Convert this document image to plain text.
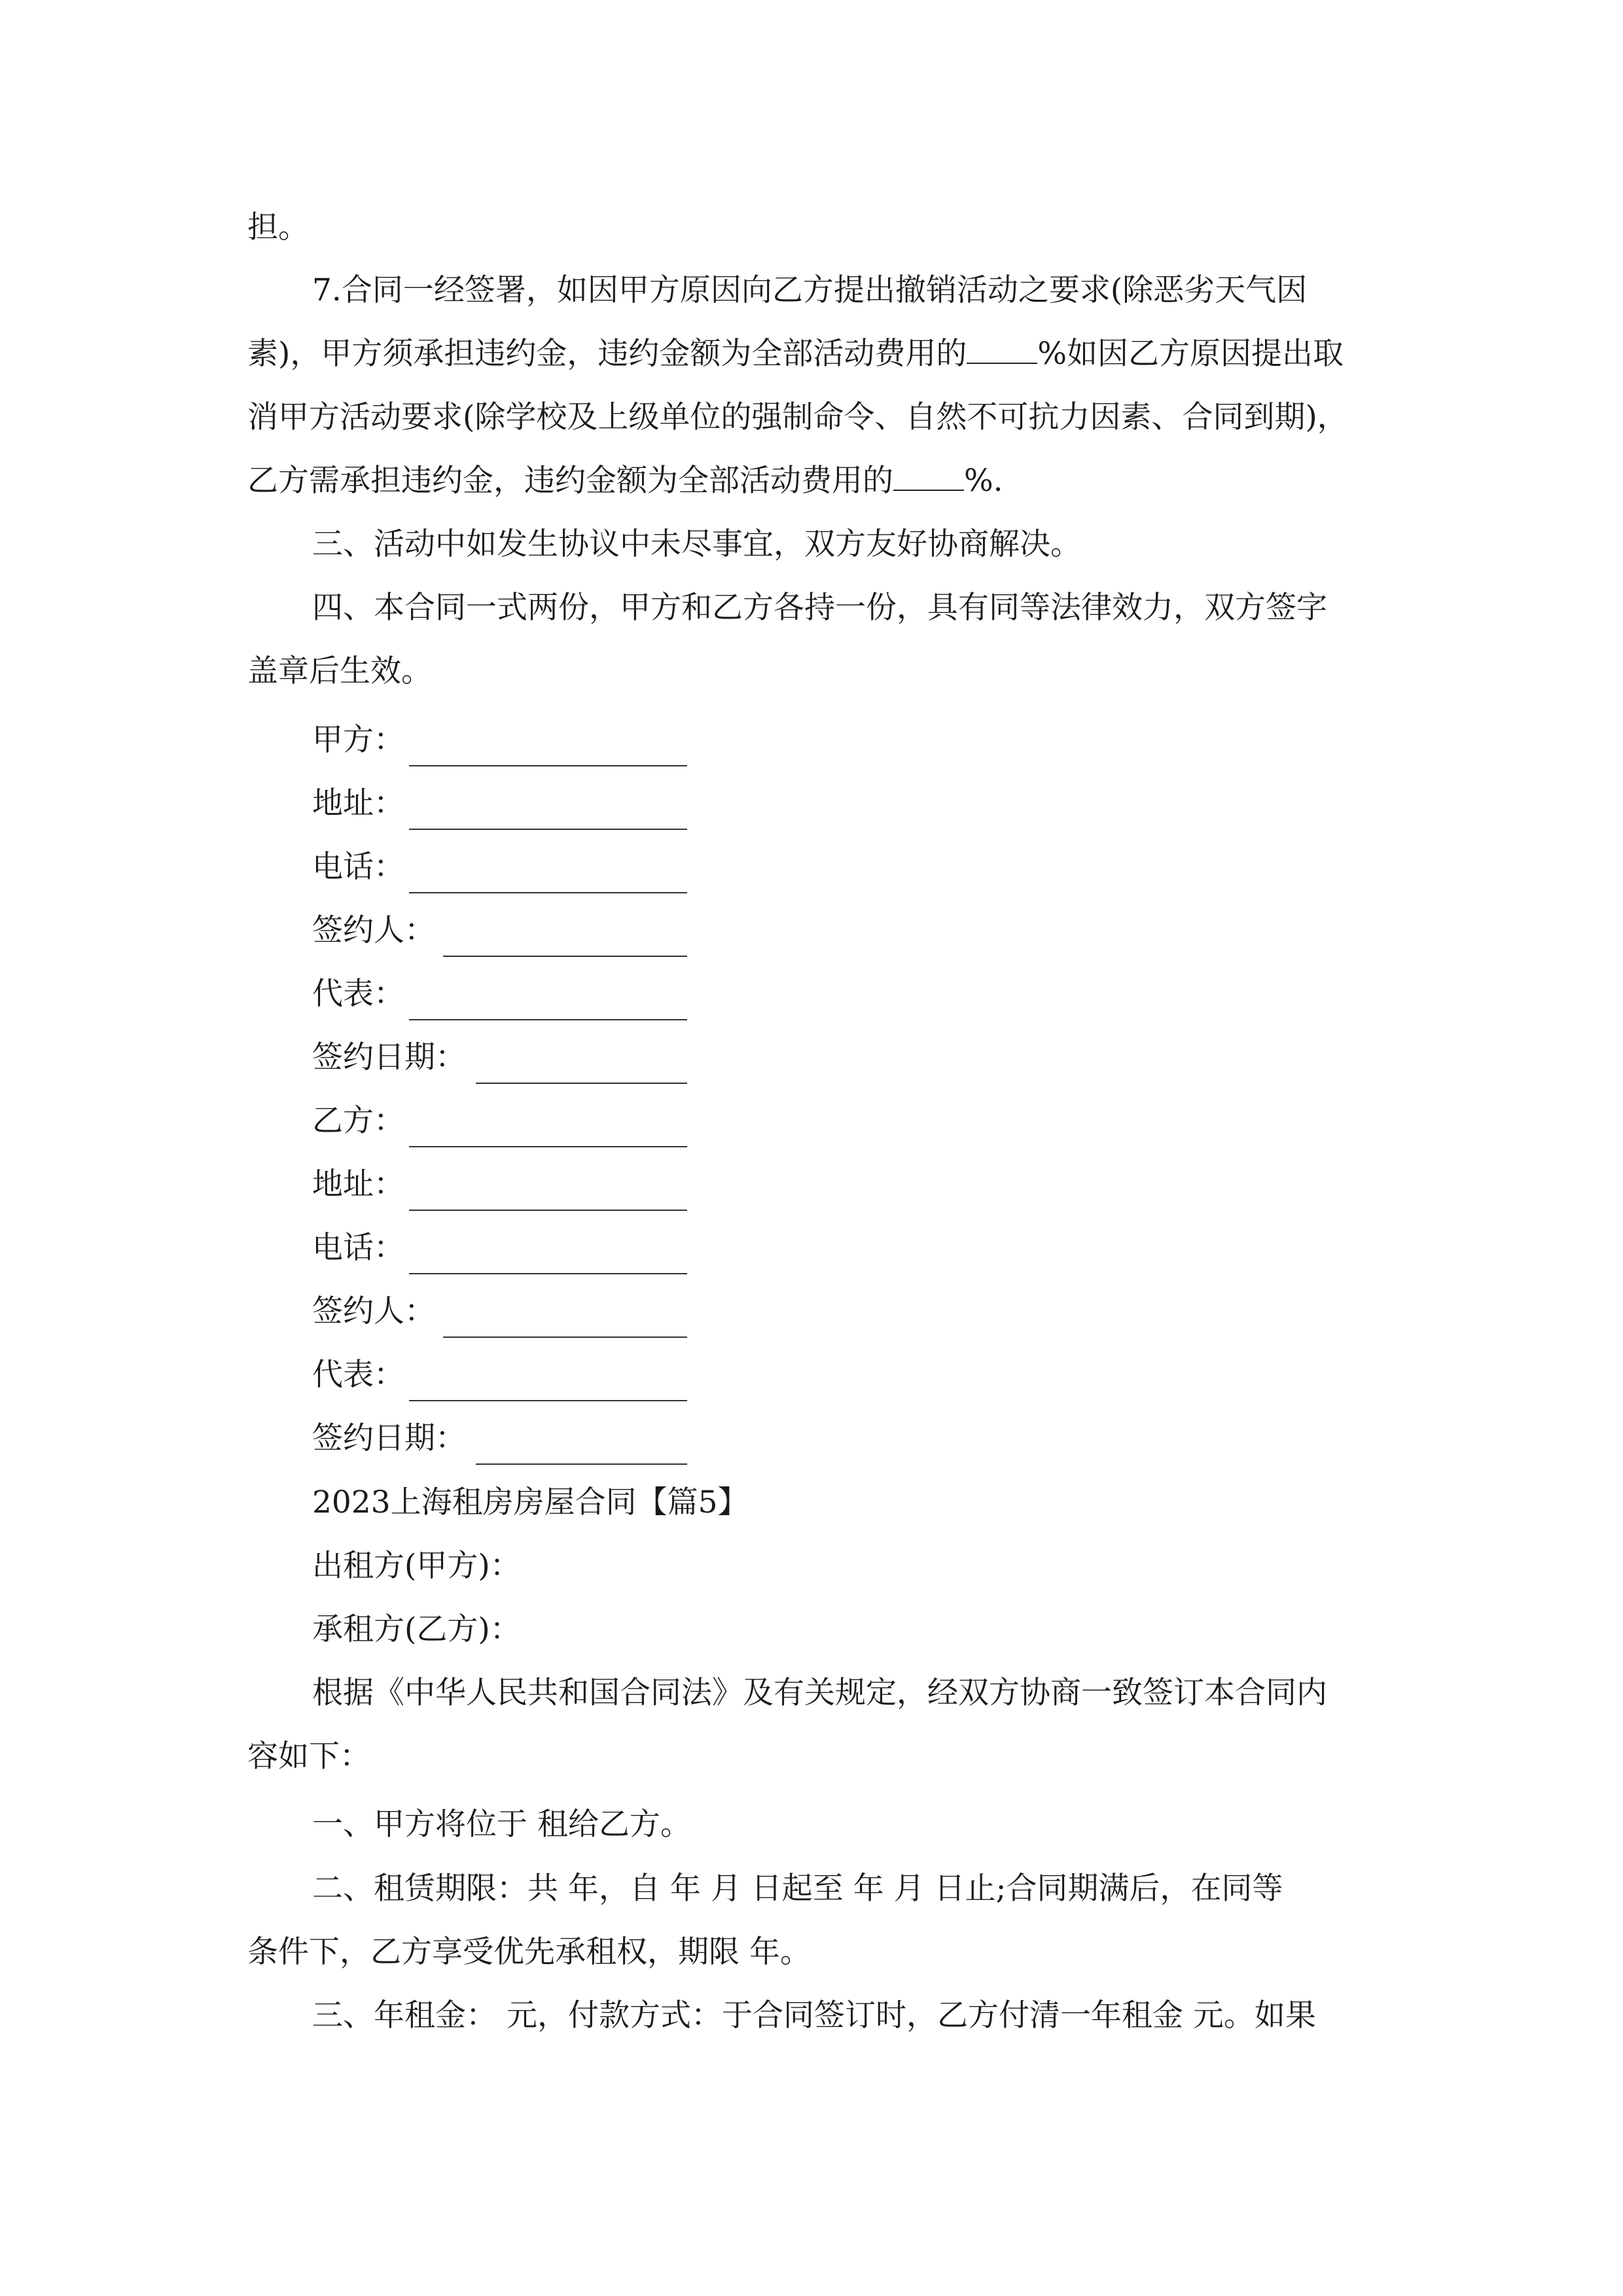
担。
7.合同一经签署，如因甲方原因向乙方提出撤销活动之要求(除恶劣天气因
素)，甲方须承担违约金，违约金额为全部活动费用的 %如因乙方原因提出取
消甲方活动要求(除学校及上级单位的强制命令、自然不可抗力因素、合同到期)，
乙方需承担违约金，违约金额为全部活动费用的 %.
三、活动中如发生协议中未尽事宜，双方友好协商解决。
四、本合同一式两份，甲方和乙方各持一份，具有同等法律效力，双方签字
盖章后生效。
甲方：
地址：
电话：
签约人：
代表：
签约日期：
乙方：
地址：
电话：
签约人：
代表：
签约日期：
2023上海租房房屋合同【篇5】
出租方(甲方)：
承租方(乙方)：
根据《中华人民共和国合同法》及有关规定，经双方协商一致签订本合同内
容如下：
一、甲方将位于 租给乙方。
二、租赁期限：共 年，自 年 月 日起至 年 月 日止;合同期满后，在同等
条件下，乙方享受优先承租权，期限 年。
三、年租金： 元，付款方式：于合同签订时，乙方付清一年租金 元。如果
